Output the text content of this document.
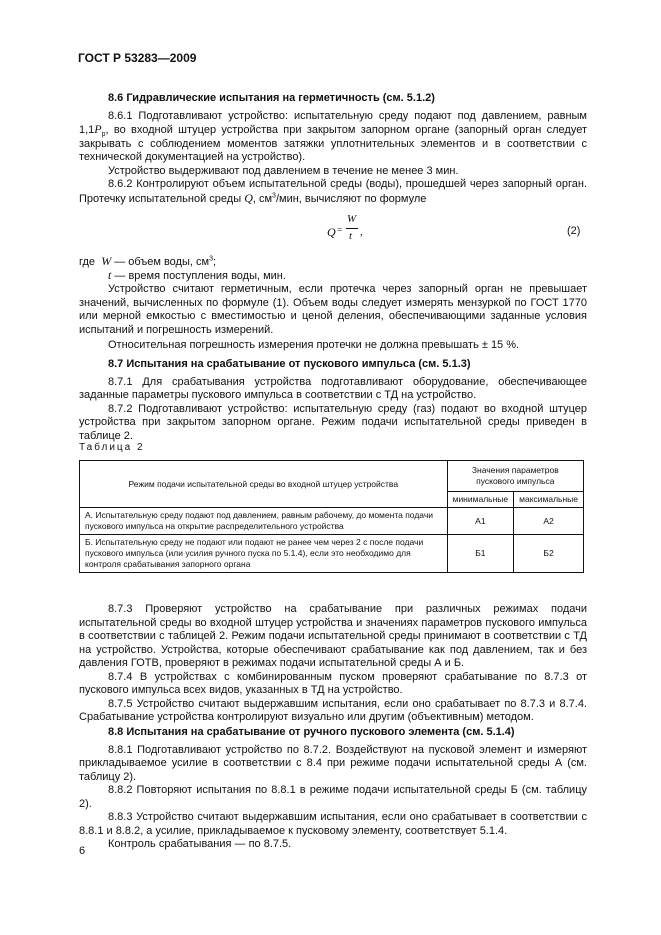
ГОСТ Р 53283—2009

8.6 Гидравлические испытания на герметичность (см. 5.1.2)

8.6.1 Подготавливают устройство: испытательную среду подают под давлением, равным $1,1P_р$, во входной штуцер устройства при закрытом запорном органе (запорный орган следует закрывать с соблюдением моментов затяжки уплотнительных элементов и в соответствии с технической документацией на устройство).

Устройство выдерживают под давлением в течение не менее 3 мин.

8.6.2 Контролируют объем испытательной среды (воды), прошедшей через запорный орган. Протечку испытательной среды Q, $см^3$/мин, вычисляют по формуле

Q =
W
t ,	(2)
где W — объем воды, $см^3$;
t — время поступления воды, мин.

Устройство считают герметичным, если протечка через запорный орган не превышает значений, вычисленных по формуле (1). Объем воды следует измерять мензуркой по ГОСТ 1770 или мерной емкостью с вместимостью и ценой деления, обеспечивающими заданные условия испытаний и погрешность измерений.

Относительная погрешность измерения протечки не должна превышать ± 15 %.

8.7 Испытания на срабатывание от пускового импульса (см. 5.1.3)

8.7.1 Для срабатывания устройства подготавливают оборудование, обеспечивающее заданные параметры пускового импульса в соответствии с ТД на устройство.

8.7.2 Подготавливают устройство: испытательную среду (газ) подают во входной штуцер устройства при закрытом запорном органе. Режим подачи испытательной среды приведен в таблице 2.

Таблица 2
Режим подачи испытательной среды во входной штуцер устройства	Значения параметров пускового импульса	
	минимальные	максимальные
А. Испытательную среду подают под давлением, равным рабочему, до момента подачи пускового импульса на открытие распределительного устройства	А1	А2
Б. Испытательную среду не подают или подают не ранее чем через 2 с после подачи пускового импульса (или усилия ручного пуска по 5.1.4), если это необходимо для контроля срабатывания запорного органа	Б1	Б2

8.7.3 Проверяют устройство на срабатывание при различных режимах подачи испытательной среды во входной штуцер устройства и значениях параметров пускового импульса в соответствии с таблицей 2. Режим подачи испытательной среды принимают в соответствии с ТД на устройство. Устройства, которые обеспечивают срабатывание как под давлением, так и без давления ГОТВ, проверяют в режимах подачи испытательной среды А и Б.

8.7.4 В устройствах с комбинированным пуском проверяют срабатывание по 8.7.3 от пускового импульса всех видов, указанных в ТД на устройство.

8.7.5 Устройство считают выдержавшим испытания, если оно срабатывает по 8.7.3 и 8.7.4. Срабатывание устройства контролируют визуально или другим (объективным) методом.

8.8 Испытания на срабатывание от ручного пускового элемента (см. 5.1.4)

8.8.1 Подготавливают устройство по 8.7.2. Воздействуют на пусковой элемент и измеряют прикладываемое усилие в соответствии с 8.4 при режиме подачи испытательной среды А (см. таблицу 2).

8.8.2 Повторяют испытания по 8.8.1 в режиме подачи испытательной среды Б (см. таблицу 2).

8.8.3 Устройство считают выдержавшим испытания, если оно срабатывает в соответствии с 8.8.1 и 8.8.2, а усилие, прикладываемое к пусковому элементу, соответствует 5.1.4.

Контроль срабатывания — по 8.7.5.

6
